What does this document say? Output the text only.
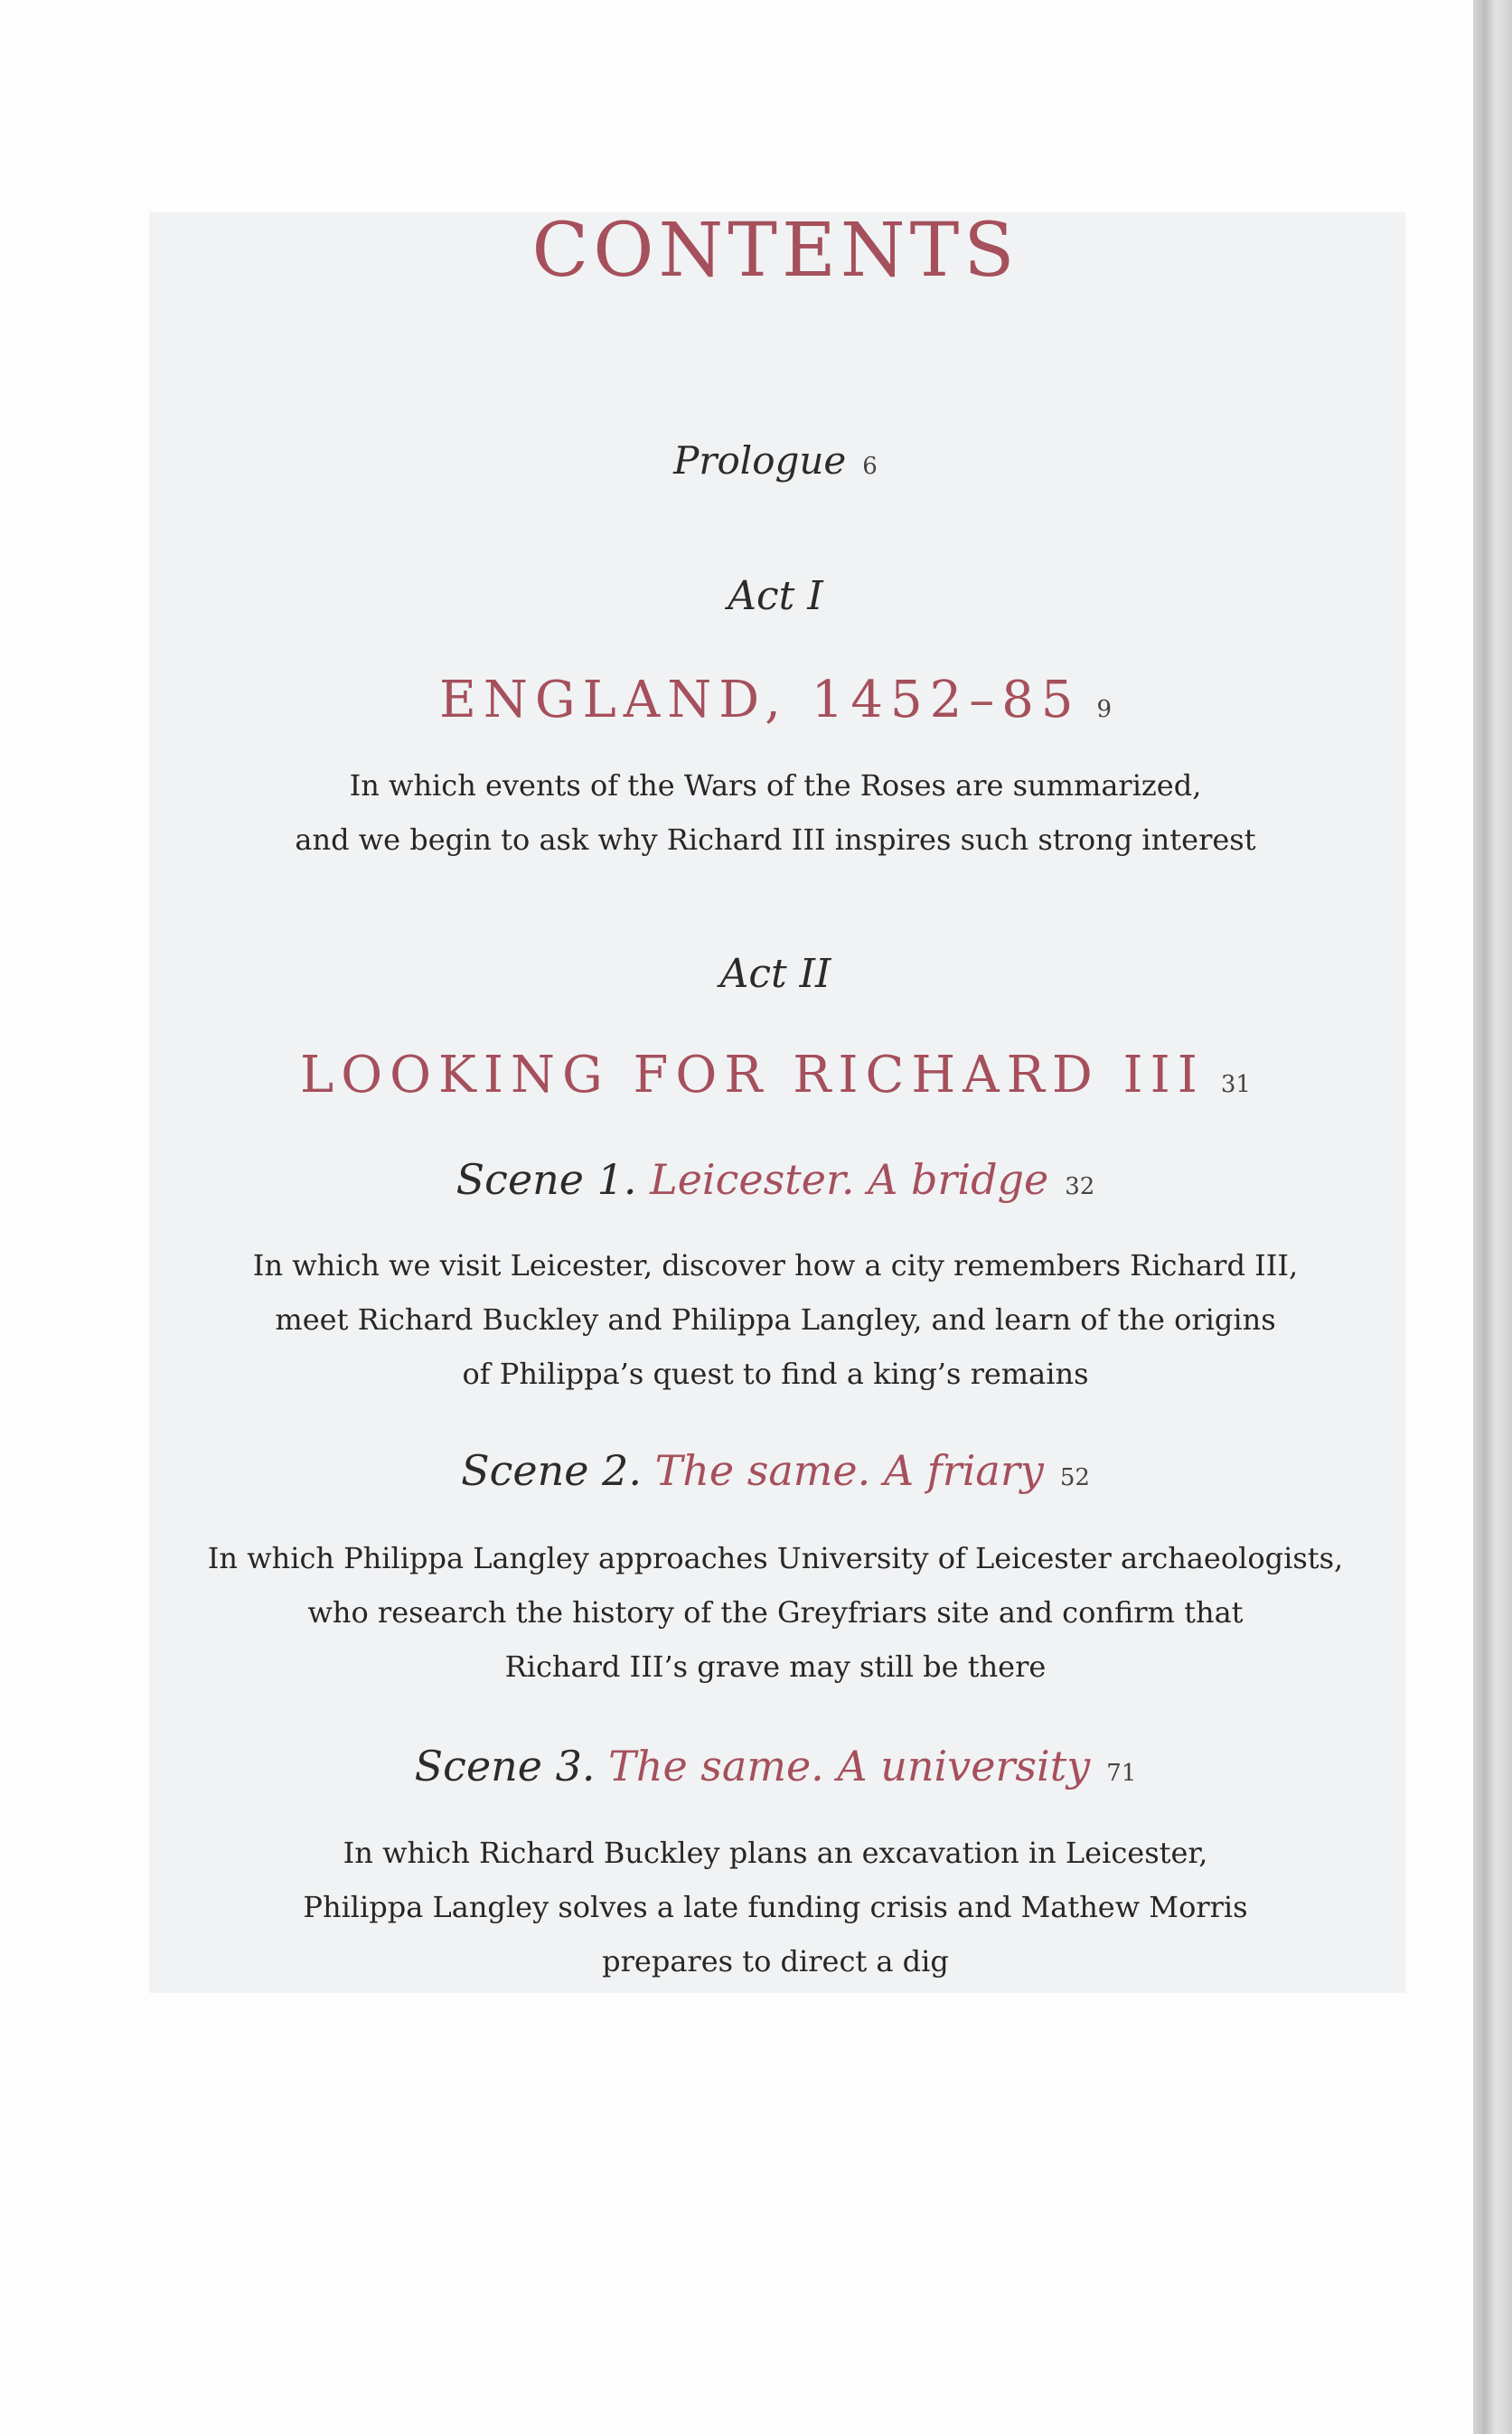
CONTENTS
Prologue 6
Act I
ENGLAND, 1452–85 9
In which events of the Wars of the Roses are summarized,
and we begin to ask why Richard III inspires such strong interest
Act II
LOOKING FOR RICHARD III 31
Scene 1. Leicester. A bridge 32
In which we visit Leicester, discover how a city remembers Richard III,
meet Richard Buckley and Philippa Langley, and learn of the origins
of Philippa’s quest to find a king’s remains
Scene 2. The same. A friary 52
In which Philippa Langley approaches University of Leicester archaeologists,
who research the history of the Greyfriars site and confirm that
Richard III’s grave may still be there
Scene 3. The same. A university 71
In which Richard Buckley plans an excavation in Leicester,
Philippa Langley solves a late funding crisis and Mathew Morris
prepares to direct a dig
